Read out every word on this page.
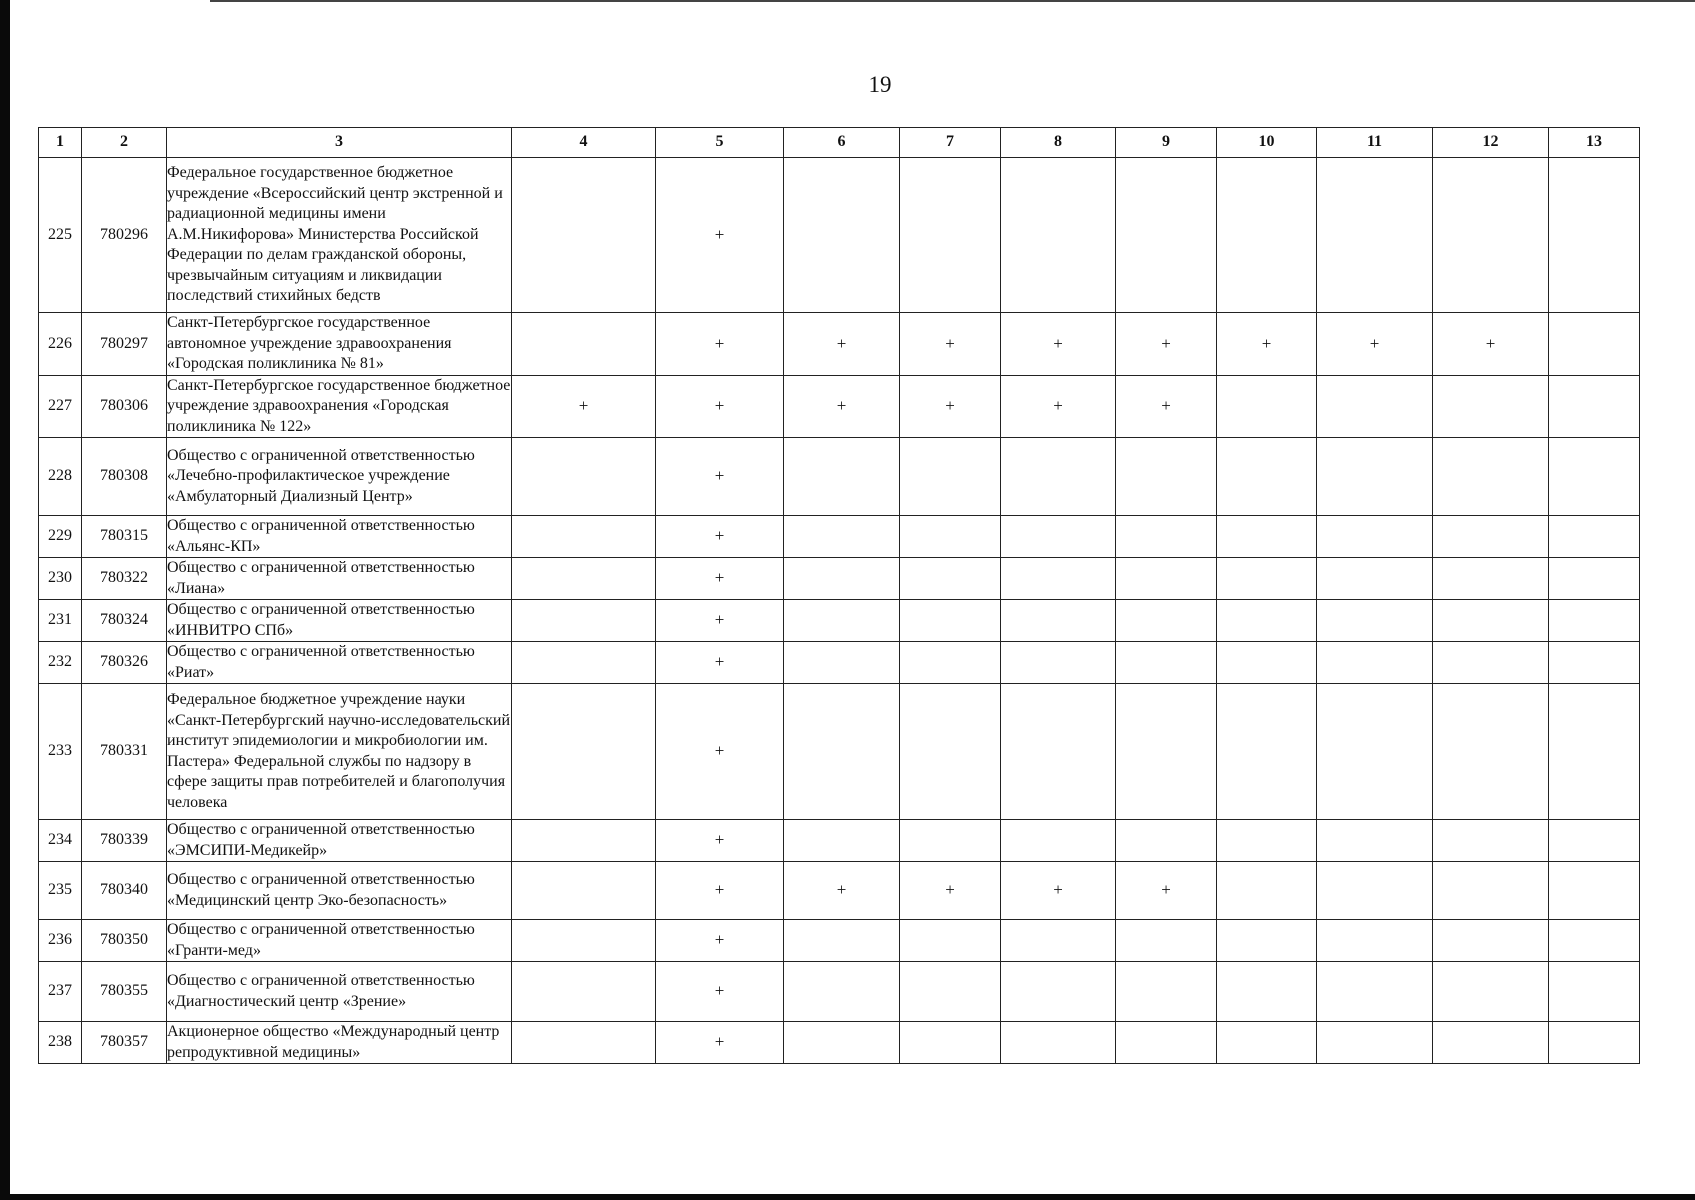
19
1	2	3	4	5	6	7	8	9	10	11	12	13
225	780296	Федеральное государственное бюджетное учреждение «Всероссийский центр экстренной и радиационной медицины имени А.М.Никифорова» Министерства Российской Федерации по делам гражданской обороны, чрезвычайным ситуациям и ликвидации последствий стихийных бедств		+								
226	780297	Санкт-Петербургское государственное автономное учреждение здравоохранения «Городская поликлиника № 81»		+	+	+	+	+	+	+	+	
227	780306	Санкт-Петербургское государственное бюджетное учреждение здравоохранения «Городская поликлиника № 122»	+	+	+	+	+	+				
228	780308	Общество с ограниченной ответственностью «Лечебно-профилактическое учреждение «Амбулаторный Диализный Центр»		+								
229	780315	Общество с ограниченной ответственностью «Альянс-КП»		+								
230	780322	Общество с ограниченной ответственностью «Лиана»		+								
231	780324	Общество с ограниченной ответственностью «ИНВИТРО СПб»		+								
232	780326	Общество с ограниченной ответственностью «Риат»		+								
233	780331	Федеральное бюджетное учреждение науки «Санкт-Петербургский научно-исследовательский институт эпидемиологии и микробиологии им. Пастера» Федеральной службы по надзору в сфере защиты прав потребителей и благополучия человека		+								
234	780339	Общество с ограниченной ответственностью «ЭМСИПИ-Медикейр»		+								
235	780340	Общество с ограниченной ответственностью «Медицинский центр Эко-безопасность»		+	+	+	+	+				
236	780350	Общество с ограниченной ответственностью «Гранти-мед»		+								
237	780355	Общество с ограниченной ответственностью «Диагностический центр «Зрение»		+								
238	780357	Акционерное общество «Международный центр репродуктивной медицины»		+								
